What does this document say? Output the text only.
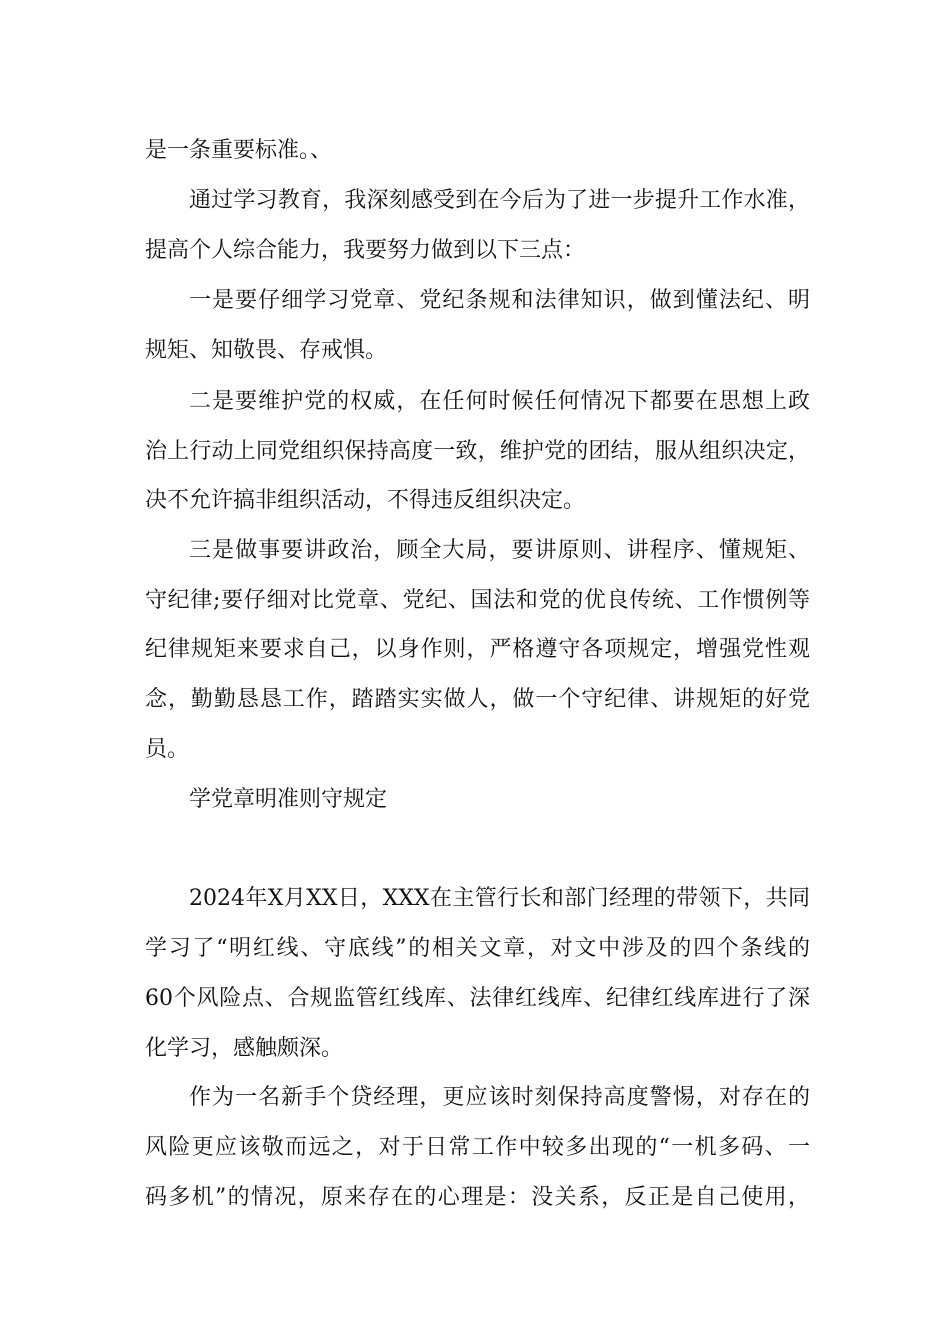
是一条重要标准。、
通过学习教育，我深刻感受到在今后为了进一步提升工作水准，
提高个人综合能力，我要努力做到以下三点：
一是要仔细学习党章、党纪条规和法律知识，做到懂法纪、明
规矩、知敬畏、存戒惧。
二是要维护党的权威，在任何时候任何情况下都要在思想上政
治上行动上同党组织保持高度一致，维护党的团结，服从组织决定，
决不允许搞非组织活动，不得违反组织决定。
三是做事要讲政治，顾全大局，要讲原则、讲程序、懂规矩、
守纪律;要仔细对比党章、党纪、国法和党的优良传统、工作惯例等
纪律规矩来要求自己，以身作则，严格遵守各项规定，增强党性观
念，勤勤恳恳工作，踏踏实实做人，做一个守纪律、讲规矩的好党
员。
学党章明准则守规定
2024年X月XX日，XXX在主管行长和部门经理的带领下，共同
学习了“明红线、守底线”的相关文章，对文中涉及的四个条线的
60个风险点、合规监管红线库、法律红线库、纪律红线库进行了深
化学习，感触颇深。
作为一名新手个贷经理，更应该时刻保持高度警惕，对存在的
风险更应该敬而远之，对于日常工作中较多出现的“一机多码、一
码多机”的情况，原来存在的心理是：没关系，反正是自己使用，
